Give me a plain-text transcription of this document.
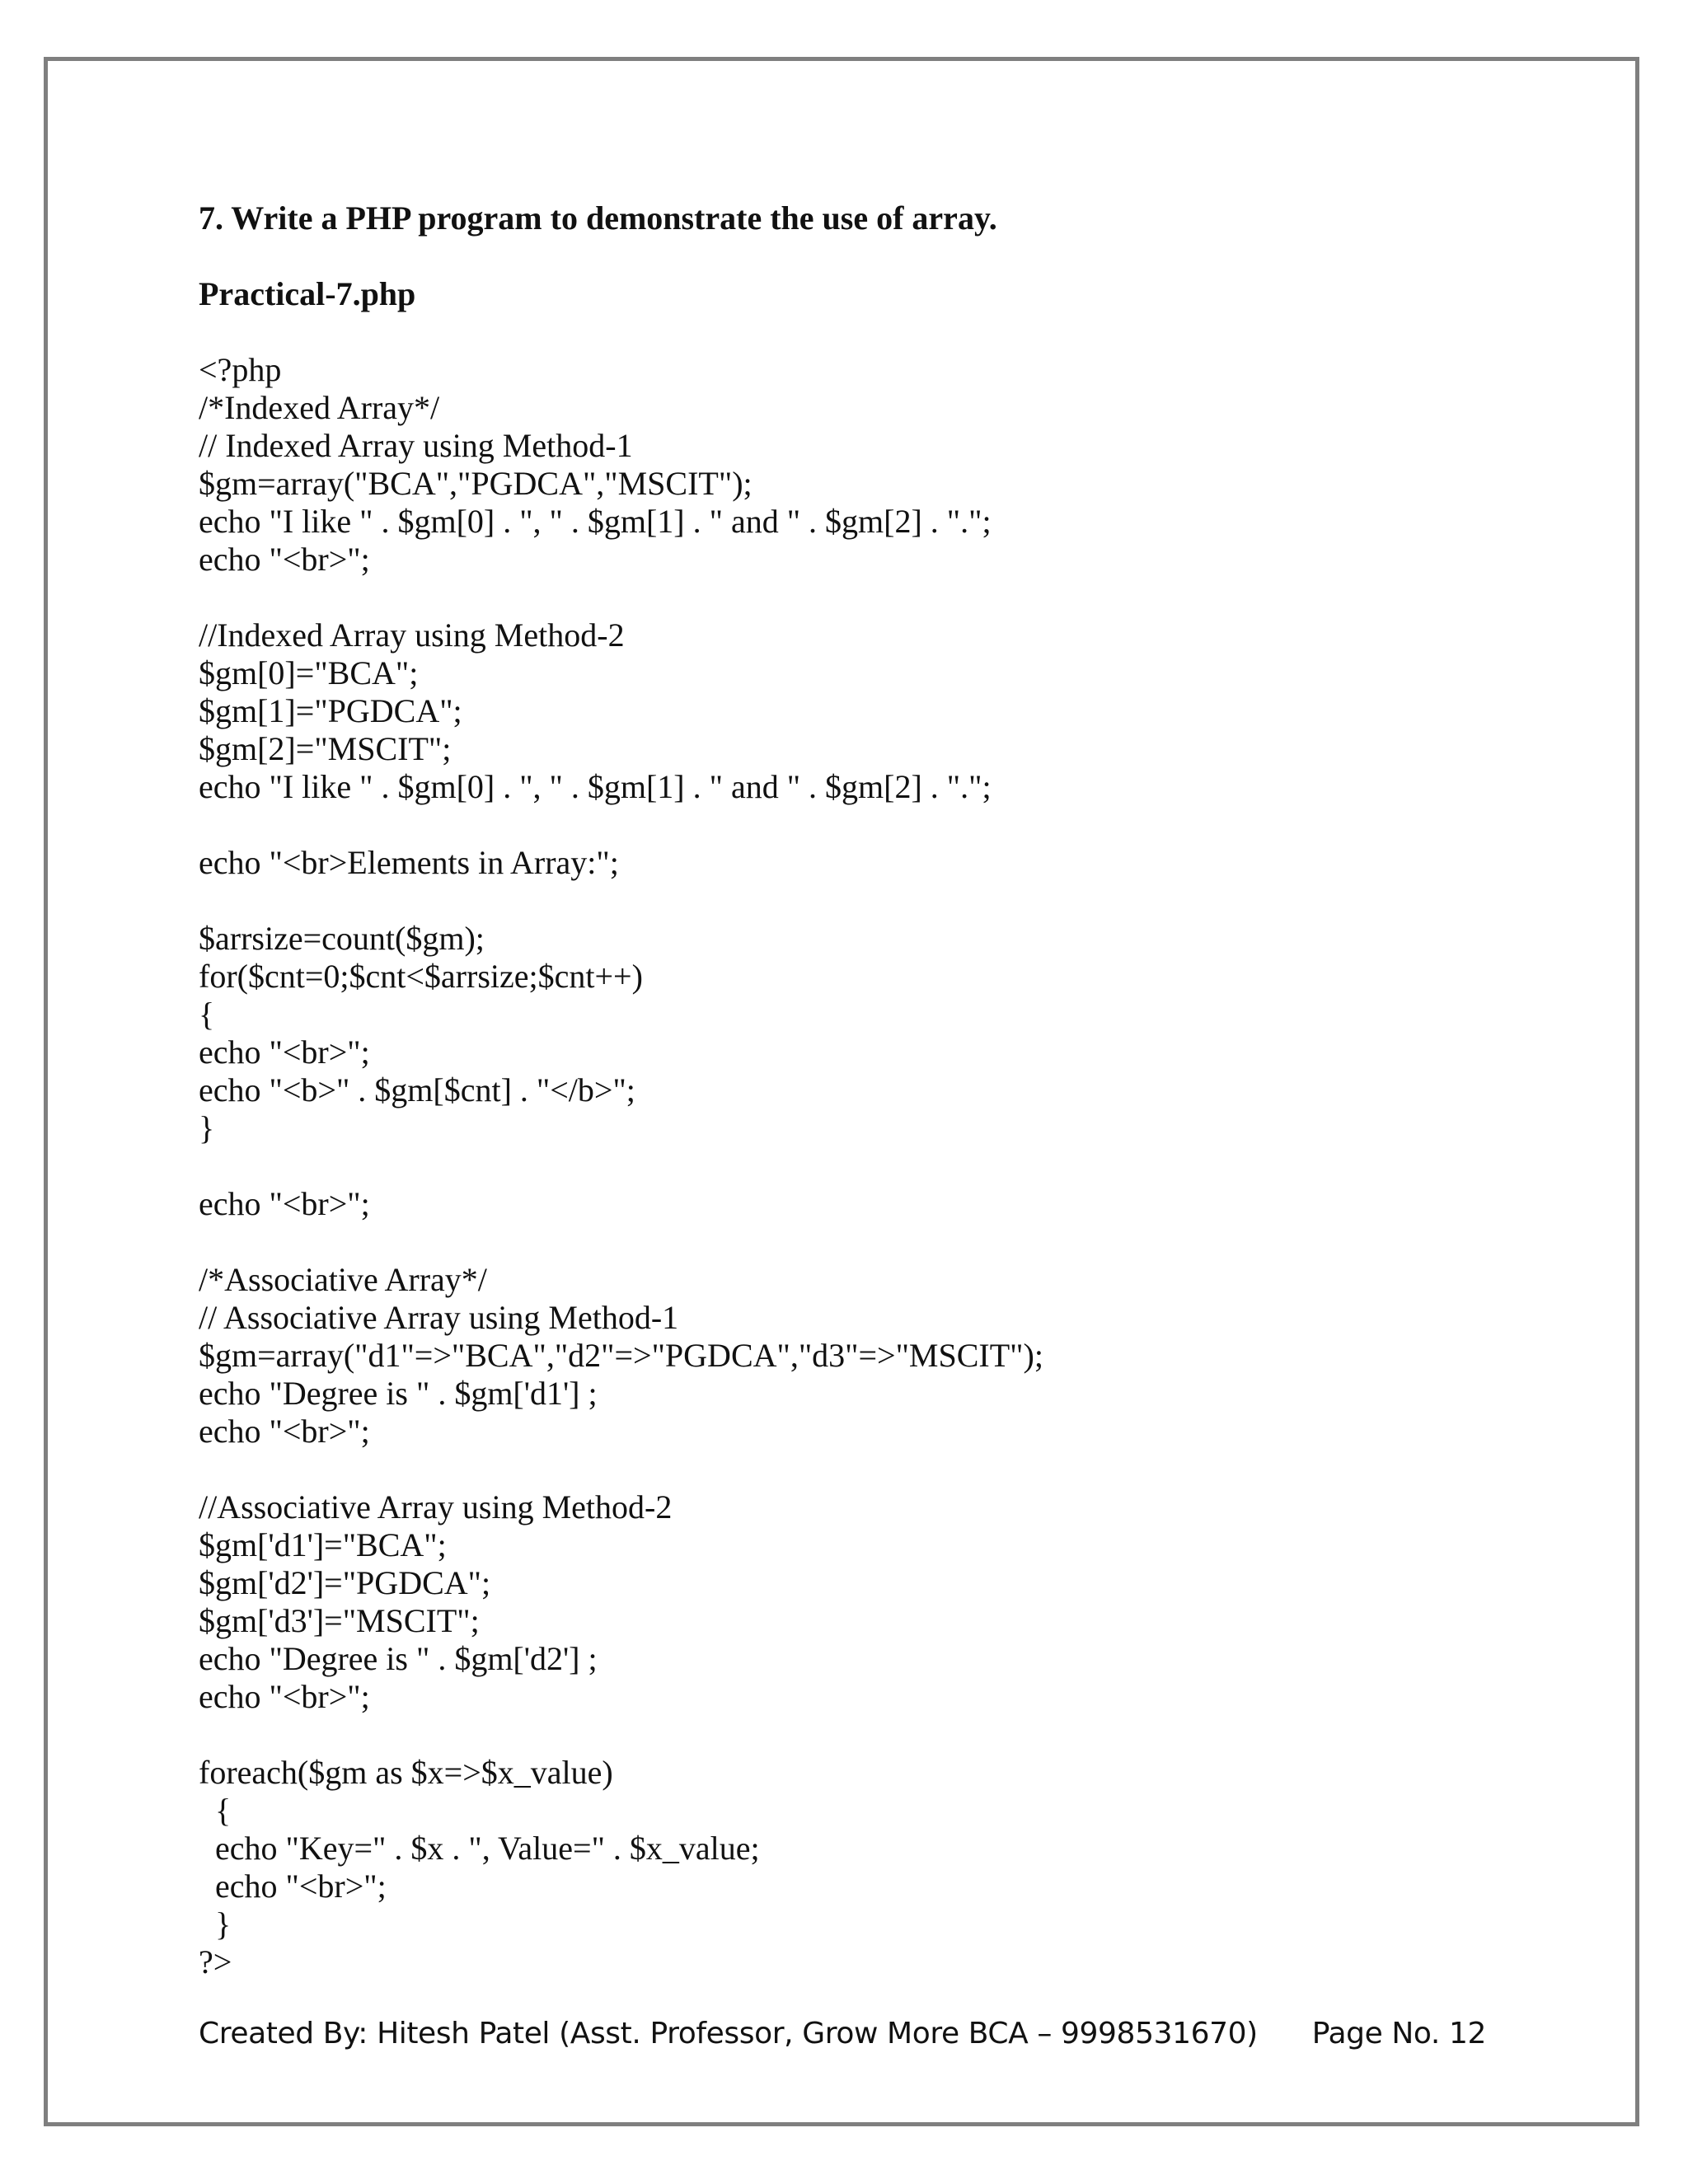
7. Write a PHP program to demonstrate the use of array.

Practical-7.php

<?php
/*Indexed Array*/
// Indexed Array using Method-1
$gm=array("BCA","PGDCA","MSCIT");
echo "I like " . $gm[0] . ", " . $gm[1] . " and " . $gm[2] . ".";
echo "<br>";
//Indexed Array using Method-2
$gm[0]="BCA";
$gm[1]="PGDCA";
$gm[2]="MSCIT";
echo "I like " . $gm[0] . ", " . $gm[1] . " and " . $gm[2] . ".";
echo "<br>Elements in Array:";
$arrsize=count($gm);
for($cnt=0;$cnt<$arrsize;$cnt++)
{
echo "<br>";
echo "<b>" . $gm[$cnt] . "</b>";
}
echo "<br>";
/*Associative Array*/
// Associative Array using Method-1
$gm=array("d1"=>"BCA","d2"=>"PGDCA","d3"=>"MSCIT");
echo "Degree is " . $gm['d1'] ;
echo "<br>";
//Associative Array using Method-2
$gm['d1']="BCA";
$gm['d2']="PGDCA";
$gm['d3']="MSCIT";
echo "Degree is " . $gm['d2'] ;
echo "<br>";
foreach($gm as $x=>$x_value)
{
echo "Key=" . $x . ", Value=" . $x_value;
echo "<br>";
}
?>
Created By: Hitesh Patel (Asst. Professor, Grow More BCA – 9998531670) Page No. 12
